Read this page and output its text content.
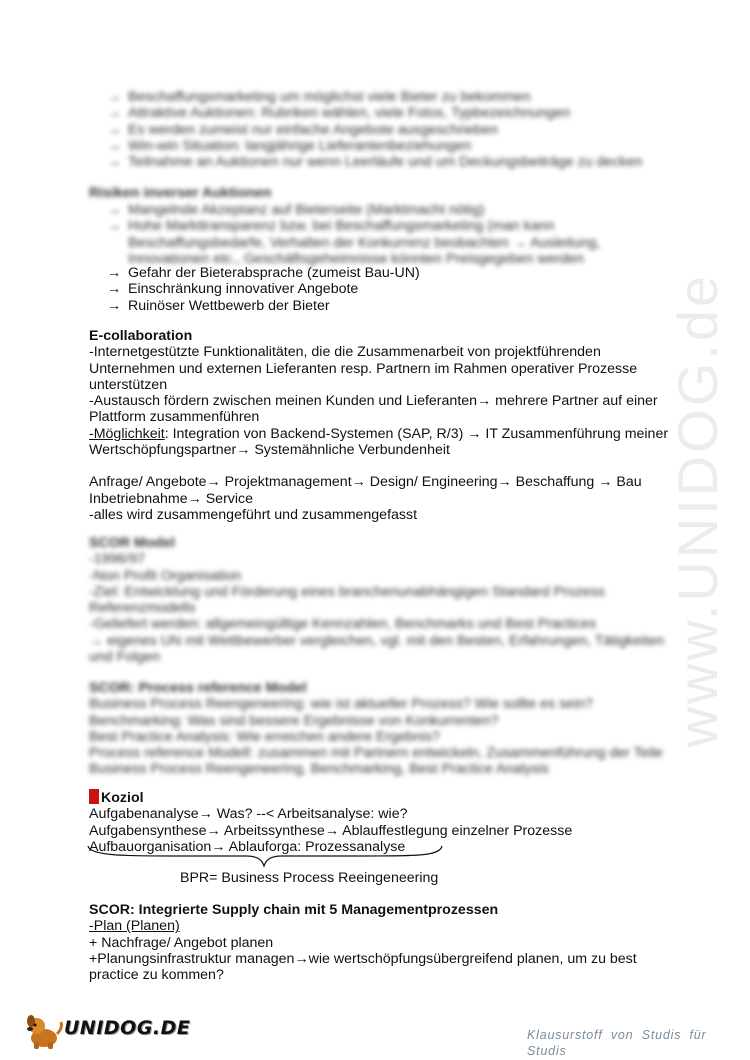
www.UNIDOG.de
→ Beschaffungsmarketing um möglichst viele Bieter zu bekommen
→ Attraktive Auktionen: Rubriken wählen, viele Fotos, Typbezeichnungen
→ Es werden zumeist nur einfache Angebote ausgeschrieben
→ Win-win Situation: langjährige Lieferantenbeziehungen
→ Teilnahme an Auktionen nur wenn Leerläufe und um Deckungsbeiträge zu decken
Risiken inverser Auktionen
→ Mangelnde Akzeptanz auf Bieterseite (Marktmacht nötig)
→ Hohe Markttransparenz bzw. bei Beschaffungsmarketing (man kann Beschaffungsbedarfe, Verhalten der Konkurrenz beobachten → Ausleitung, Innovationen etc., Geschäftsgeheimnisse könnten Preisgegeben werden
→ Gefahr der Bieterabsprache (zumeist Bau-UN)
→ Einschränkung innovativer Angebote
→ Ruinöser Wettbewerb der Bieter
E-collaboration
-Internetgestützte Funktionalitäten, die die Zusammenarbeit von projektführenden
Unternehmen und externen Lieferanten resp. Partnern im Rahmen operativer Prozesse
unterstützen
-Austausch fördern zwischen meinen Kunden und Lieferanten→ mehrere Partner auf einer
Plattform zusammenführen
-Möglichkeit: Integration von Backend-Systemen (SAP, R/3) → IT Zusammenführung meiner
Wertschöpfungspartner→ Systemähnliche Verbundenheit
Anfrage/ Angebote→ Projektmanagement→ Design/ Engineering→ Beschaffung → Bau
Inbetriebnahme→ Service
-alles wird zusammengeführt und zusammengefasst
SCOR Model
-1996/97
-Non Profit Organisation
-Ziel: Entwicklung und Förderung eines branchenunabhängigen Standard Prozess
Referenzmodells
-Geliefert werden: allgemeingültige Kennzahlen, Benchmarks und Best Practices
→ eigenes UN mit Wettbewerber vergleichen, vgl. mit den Besten, Erfahrungen, Tätigkeiten
und Folgen
SCOR: Process reference Model
Business Process Reengeneering: wie ist aktueller Prozess? Wie sollte es sein?
Benchmarking: Was sind bessere Ergebnisse von Konkurrenten?
Best Practice Analysis: Wie erreichen andere Ergebnis?
Process reference Modell: zusammen mit Partnern entwickeln, Zusammenführung der Teile
Business Process Reengeneering, Benchmarking, Best Practice Analysis
Koziol
Aufgabenanalyse→ Was? --< Arbeitsanalyse: wie?
Aufgabensynthese→ Arbeitssynthese→ Ablauffestlegung einzelner Prozesse
Aufbauorganisation→ Ablauforga: Prozessanalyse
BPR= Business Process Reeingeneering
SCOR: Integrierte Supply chain mit 5 Managementprozessen
-Plan (Planen)
+ Nachfrage/ Angebot planen
+Planungsinfrastruktur managen→wie wertschöpfungsübergreifend planen, um zu best
practice zu kommen?
UNIDOG.DE	Klausurstoff von Studis für Studis
